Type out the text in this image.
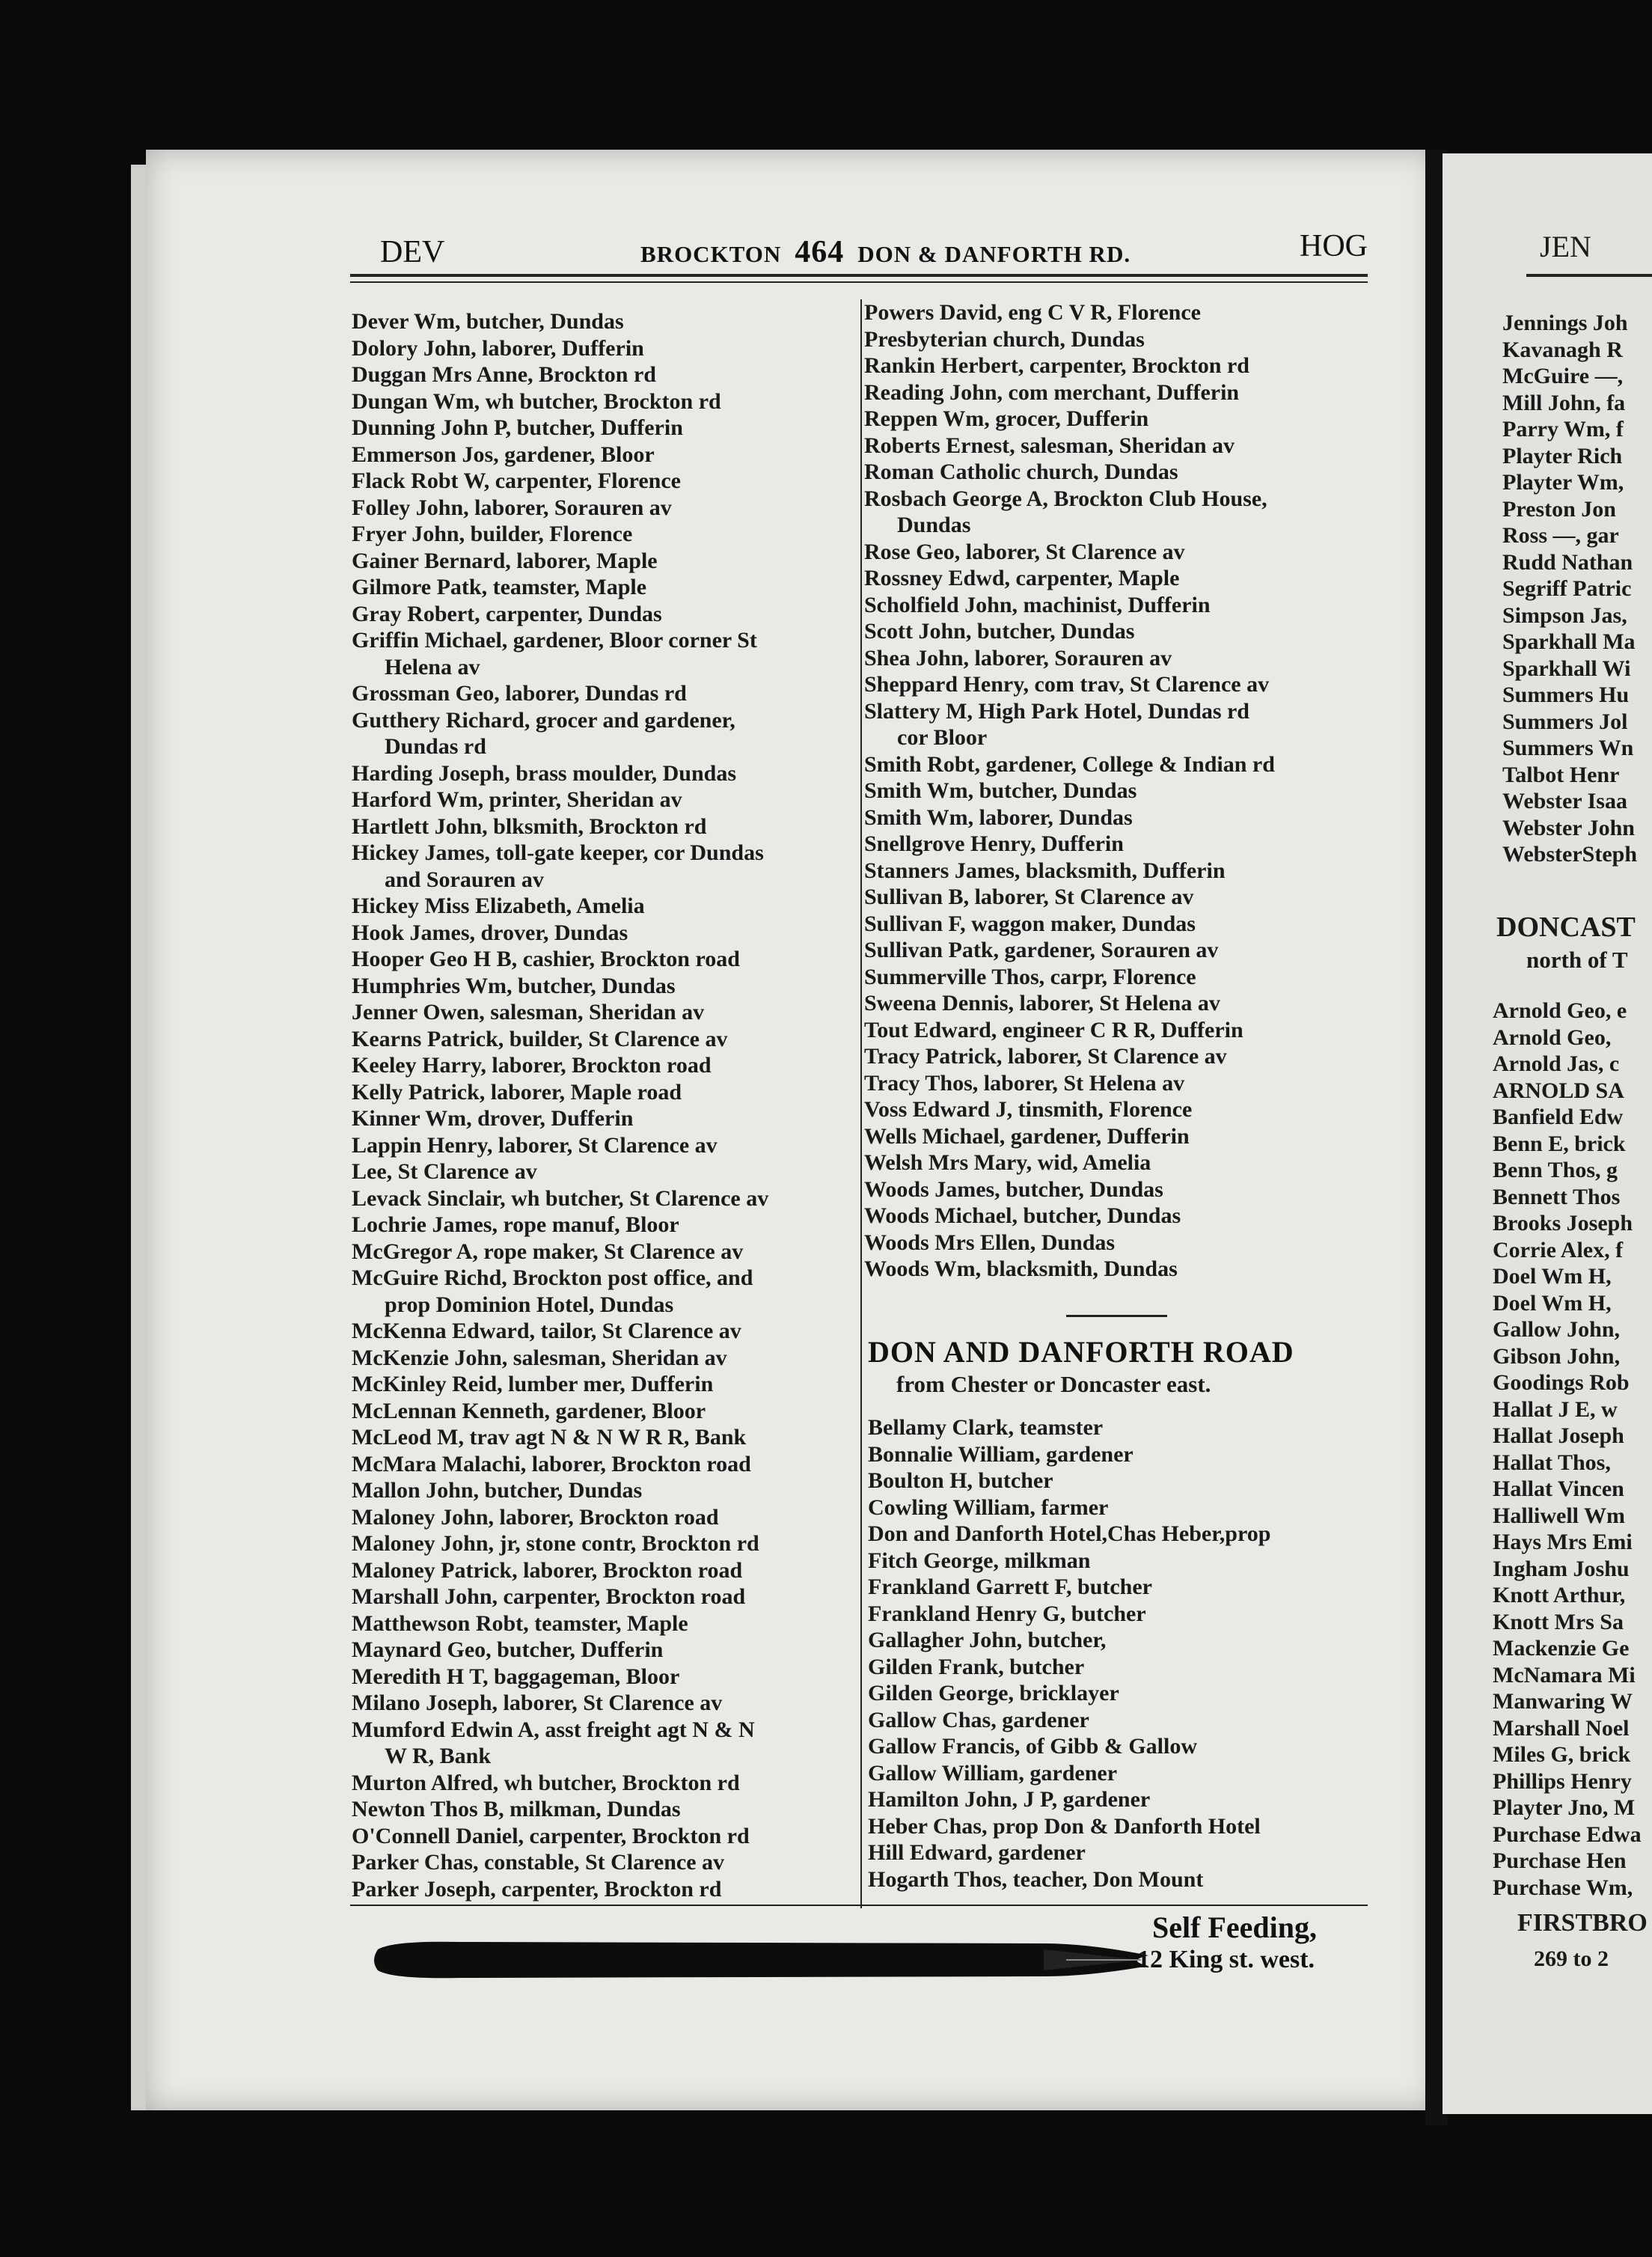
DEV	BROCKTON 464 DON & DANFORTH RD.	HOG
Dever Wm, butcher, Dundas
Dolory John, laborer, Dufferin
Duggan Mrs Anne, Brockton rd
Dungan Wm, wh butcher, Brockton rd
Dunning John P, butcher, Dufferin
Emmerson Jos, gardener, Bloor
Flack Robt W, carpenter, Florence
Folley John, laborer, Sorauren av
Fryer John, builder, Florence
Gainer Bernard, laborer, Maple
Gilmore Patk, teamster, Maple
Gray Robert, carpenter, Dundas
Griffin Michael, gardener, Bloor corner St
Helena av
Grossman Geo, laborer, Dundas rd
Gutthery Richard, grocer and gardener,
Dundas rd
Harding Joseph, brass moulder, Dundas
Harford Wm, printer, Sheridan av
Hartlett John, blksmith, Brockton rd
Hickey James, toll-gate keeper, cor Dundas
and Sorauren av
Hickey Miss Elizabeth, Amelia
Hook James, drover, Dundas
Hooper Geo H B, cashier, Brockton road
Humphries Wm, butcher, Dundas
Jenner Owen, salesman, Sheridan av
Kearns Patrick, builder, St Clarence av
Keeley Harry, laborer, Brockton road
Kelly Patrick, laborer, Maple road
Kinner Wm, drover, Dufferin
Lappin Henry, laborer, St Clarence av
Lee, St Clarence av
Levack Sinclair, wh butcher, St Clarence av
Lochrie James, rope manuf, Bloor
McGregor A, rope maker, St Clarence av
McGuire Richd, Brockton post office, and
prop Dominion Hotel, Dundas
McKenna Edward, tailor, St Clarence av
McKenzie John, salesman, Sheridan av
McKinley Reid, lumber mer, Dufferin
McLennan Kenneth, gardener, Bloor
McLeod M, trav agt N & N W R R, Bank
McMara Malachi, laborer, Brockton road
Mallon John, butcher, Dundas
Maloney John, laborer, Brockton road
Maloney John, jr, stone contr, Brockton rd
Maloney Patrick, laborer, Brockton road
Marshall John, carpenter, Brockton road
Matthewson Robt, teamster, Maple
Maynard Geo, butcher, Dufferin
Meredith H T, baggageman, Bloor
Milano Joseph, laborer, St Clarence av
Mumford Edwin A, asst freight agt N & N
W R, Bank
Murton Alfred, wh butcher, Brockton rd
Newton Thos B, milkman, Dundas
O'Connell Daniel, carpenter, Brockton rd
Parker Chas, constable, St Clarence av
Parker Joseph, carpenter, Brockton rd
Powers David, eng C V R, Florence
Presbyterian church, Dundas
Rankin Herbert, carpenter, Brockton rd
Reading John, com merchant, Dufferin
Reppen Wm, grocer, Dufferin
Roberts Ernest, salesman, Sheridan av
Roman Catholic church, Dundas
Rosbach George A, Brockton Club House,
Dundas
Rose Geo, laborer, St Clarence av
Rossney Edwd, carpenter, Maple
Scholfield John, machinist, Dufferin
Scott John, butcher, Dundas
Shea John, laborer, Sorauren av
Sheppard Henry, com trav, St Clarence av
Slattery M, High Park Hotel, Dundas rd
cor Bloor
Smith Robt, gardener, College & Indian rd
Smith Wm, butcher, Dundas
Smith Wm, laborer, Dundas
Snellgrove Henry, Dufferin
Stanners James, blacksmith, Dufferin
Sullivan B, laborer, St Clarence av
Sullivan F, waggon maker, Dundas
Sullivan Patk, gardener, Sorauren av
Summerville Thos, carpr, Florence
Sweena Dennis, laborer, St Helena av
Tout Edward, engineer C R R, Dufferin
Tracy Patrick, laborer, St Clarence av
Tracy Thos, laborer, St Helena av
Voss Edward J, tinsmith, Florence
Wells Michael, gardener, Dufferin
Welsh Mrs Mary, wid, Amelia
Woods James, butcher, Dundas
Woods Michael, butcher, Dundas
Woods Mrs Ellen, Dundas
Woods Wm, blacksmith, Dundas
DON AND DANFORTH ROAD
from Chester or Doncaster east.
Bellamy Clark, teamster
Bonnalie William, gardener
Boulton H, butcher
Cowling William, farmer
Don and Danforth Hotel,Chas Heber,prop
Fitch George, milkman
Frankland Garrett F, butcher
Frankland Henry G, butcher
Gallagher John, butcher,
Gilden Frank, butcher
Gilden George, bricklayer
Gallow Chas, gardener
Gallow Francis, of Gibb & Gallow
Gallow William, gardener
Hamilton John, J P, gardener
Heber Chas, prop Don & Danforth Hotel
Hill Edward, gardener
Hogarth Thos, teacher, Don Mount
Self Feeding,
12 King st. west.
JEN
Jennings Joh
Kavanagh R
McGuire —,
Mill John, fa
Parry Wm, f
Playter Rich
Playter Wm,
Preston Jon
Ross —, gar
Rudd Nathan
Segriff Patric
Simpson Jas,
Sparkhall Ma
Sparkhall Wi
Summers Hu
Summers Jol
Summers Wn
Talbot Henr
Webster Isaa
Webster John
WebsterSteph
DONCAST
north of T
Arnold Geo, e
Arnold Geo,
Arnold Jas, c
ARNOLD SA
Banfield Edw
Benn E, brick
Benn Thos, g
Bennett Thos
Brooks Joseph
Corrie Alex, f
Doel Wm H,
Doel Wm H,
Gallow John,
Gibson John,
Goodings Rob
Hallat J E, w
Hallat Joseph
Hallat Thos,
Hallat Vincen
Halliwell Wm
Hays Mrs Emi
Ingham Joshu
Knott Arthur,
Knott Mrs Sa
Mackenzie Ge
McNamara Mi
Manwaring W
Marshall Noel
Miles G, brick
Phillips Henry
Playter Jno, M
Purchase Edwa
Purchase Hen
Purchase Wm,
FIRSTBRO
269 to 2
